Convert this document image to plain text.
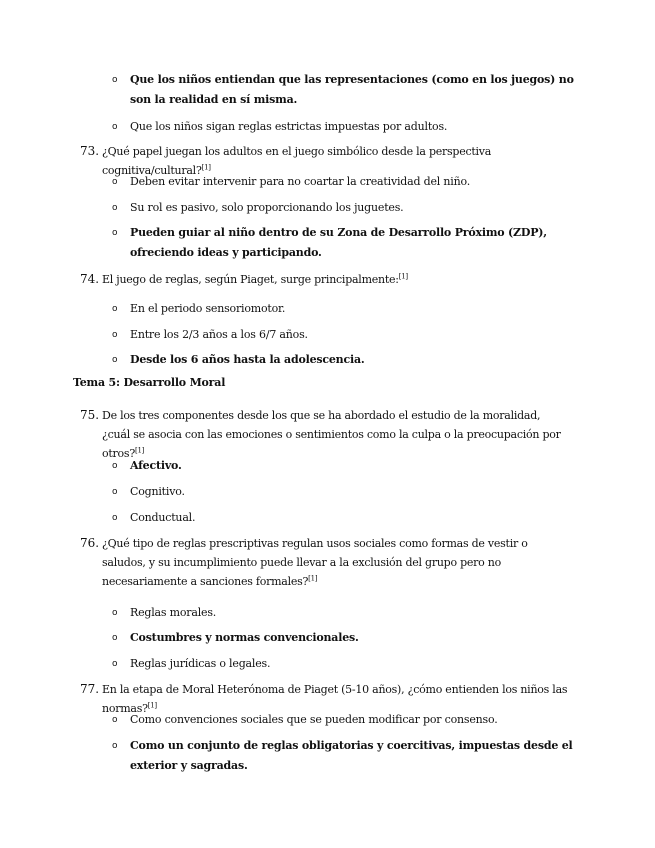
o	Que los niños entiendan que las representaciones (como en los juegos) no son la realidad en sí misma.
o	Que los niños sigan reglas estrictas impuestas por adultos.
73. ¿Qué papel juegan los adultos en el juego simbólico desde la perspectiva cognitiva/cultural?[1]
o	Deben evitar intervenir para no coartar la creatividad del niño.
o	Su rol es pasivo, solo proporcionando los juguetes.
o	Pueden guiar al niño dentro de su Zona de Desarrollo Próximo (ZDP), ofreciendo ideas y participando.
74. El juego de reglas, según Piaget, surge principalmente:[1]
o	En el periodo sensoriomotor.
o	Entre los 2/3 años a los 6/7 años.
o	Desde los 6 años hasta la adolescencia.
Tema 5: Desarrollo Moral
75. De los tres componentes desde los que se ha abordado el estudio de la moralidad, ¿cuál se asocia con las emociones o sentimientos como la culpa o la preocupación por otros?[1]
o	Afectivo.
o	Cognitivo.
o	Conductual.
76. ¿Qué tipo de reglas prescriptivas regulan usos sociales como formas de vestir o saludos, y su incumplimiento puede llevar a la exclusión del grupo pero no necesariamente a sanciones formales?[1]
o	Reglas morales.
o	Costumbres y normas convencionales.
o	Reglas jurídicas o legales.
77. En la etapa de Moral Heterónoma de Piaget (5-10 años), ¿cómo entienden los niños las normas?[1]
o	Como convenciones sociales que se pueden modificar por consenso.
o	Como un conjunto de reglas obligatorias y coercitivas, impuestas desde el exterior y sagradas.
